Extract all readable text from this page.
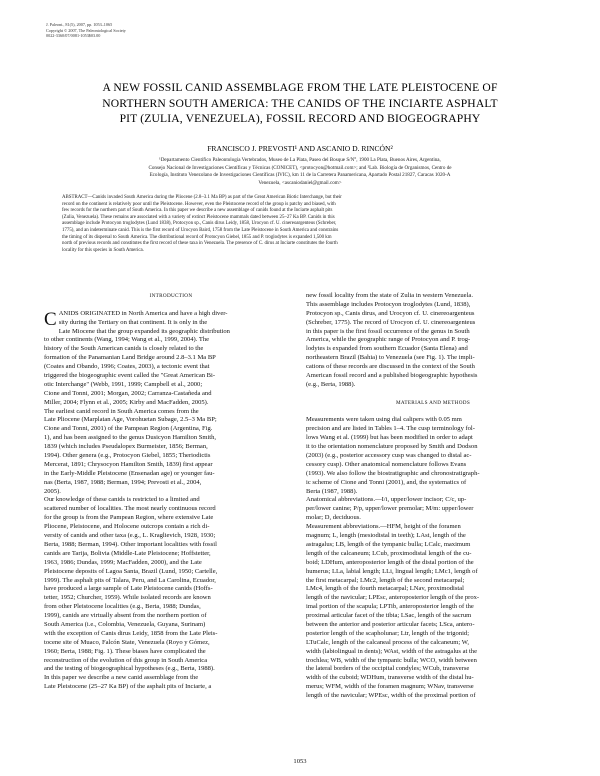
J. Paleont., 81(5), 2007, pp. 1053–1065
Copyright © 2007, The Paleontological Society
0022-3360/07/0081-1053$03.00
A NEW FOSSIL CANID ASSEMBLAGE FROM THE LATE PLEISTOCENE OF
NORTHERN SOUTH AMERICA: THE CANIDS OF THE INCIARTE ASPHALT
PIT (ZULIA, VENEZUELA), FOSSIL RECORD AND BIOGEOGRAPHY
FRANCISCO J. PREVOSTI¹ AND ASCANIO D. RINCÓN²
¹Departamento Científico Paleontología Vertebrados, Museo de La Plata, Paseo del Bosque S/N°, 1900 La Plata, Buenos Aires, Argentina,
Consejo Nacional de Investigaciones Científicas y Técnicas (CONICET), <protocyon@hotmail.com>; and ²Lab. Biología de Organismos, Centro de
Ecología, Instituto Venezolano de Investigaciones Científicas (IVIC), km 11 de la Carretera Panamericana, Apartado Postal 21827, Caracas 1020-A
Venezuela, <ascaniodaniel@gmail.com>
ABSTRACT—Canids invaded South America during the Pliocene (2.8–3.1 Ma BP) as part of the Great American Biotic Interchange, but their
record on the continent is relatively poor until the Pleistocene. However, even the Pleistocene record of the group is patchy and biased, with
few records for the northern part of South America. In this paper we describe a new assemblage of canids found at the Inciarte asphalt pits
(Zulia, Venezuela). These remains are associated with a variety of extinct Pleistocene mammals dated between 25–27 Ka BP. Canids in this
assemblage include Protocyon troglodytes (Lund 1838), Protocyon sp., Canis dirus Leidy, 1858, Urocyon cf. U. cinereoargenteus (Schreber,
1775), and an indeterminate canid. This is the first record of Urocyon Baird, 1758 from the Late Pleistocene in South America and constrains
the timing of its dispersal to South America. The distributional record of Protocyon Giebel, 1855 and P. troglodytes is expanded 1,500 km
north of previous records and constitutes the first record of these taxa in Venezuela. The presence of C. dirus at Inciarte constitutes the fourth
locality for this species in South America.
INTRODUCTION
C ANIDS ORIGINATED in North America and have a high diver-
sity during the Tertiary on that continent. It is only in the
Late Miocene that the group expanded its geographic distribution
to other continents (Wang, 1994; Wang et al., 1999, 2004). The
history of the South American canids is closely related to the
formation of the Panamanian Land Bridge around 2.8–3.1 Ma BP
(Coates and Obando, 1996; Coates, 2003), a tectonic event that
triggered the biogeographic event called the "Great American Bi-
otic Interchange" (Webb, 1991, 1999; Campbell et al., 2000;
Cione and Tonni, 2001; Morgan, 2002; Carranza-Castañeda and
Miller, 2004; Flynn et al., 2005; Kirby and MacFadden, 2005).
The earliest canid record in South America comes from the
Late Pliocene (Marplatan Age, Vorohuetan Subage, 2.5–3 Ma BP;
Cione and Tonni, 2001) of the Pampean Region (Argentina, Fig.
1), and has been assigned to the genus Dusicyon Hamilton Smith,
1839 (which includes Pseudalopex Burmeister, 1856; Berman,
1994). Other genera (e.g., Protocyon Giebel, 1855; Theriodictis
Mercerat, 1891; Chrysocyon Hamilton Smith, 1839) first appear
in the Early-Middle Pleistocene (Ensenadan age) or younger fau-
nas (Berta, 1987, 1988; Berman, 1994; Prevosti et al., 2004,
2005).
Our knowledge of these canids is restricted to a limited and
scattered number of localities. The most nearly continuous record
for the group is from the Pampean Region, where extensive Late
Pliocene, Pleistocene, and Holocene outcrops contain a rich di-
versity of canids and other taxa (e.g., L. Kraglievich, 1928, 1930;
Berta, 1988; Berman, 1994). Other important localities with fossil
canids are Tarija, Bolivia (Middle-Late Pleistocene; Hoffstetter,
1963, 1986; Dundas, 1999; MacFadden, 2000), and the Late
Pleistocene deposits of Lagoa Santa, Brazil (Lund, 1950; Cartelle,
1999). The asphalt pits of Talara, Peru, and La Carolina, Ecuador,
have produced a large sample of Late Pleistocene canids (Hoffs-
tetter, 1952; Churcher, 1959). While isolated records are known
from other Pleistocene localities (e.g., Berta, 1988; Dundas,
1999), canids are virtually absent from the northern portion of
South America (i.e., Colombia, Venezuela, Guyana, Surinam)
with the exception of Canis dirus Leidy, 1858 from the Late Pleis-
tocene site of Muaco, Falcón State, Venezuela (Royo y Gómez,
1960; Berta, 1988; Fig. 1). These biases have complicated the
reconstruction of the evolution of this group in South America
and the testing of biogeographical hypotheses (e.g., Berta, 1988).
In this paper we describe a new canid assemblage from the
Late Pleistocene (25–27 Ka BP) of the asphalt pits of Inciarte, a
new fossil locality from the state of Zulia in western Venezuela.
This assemblage includes Protocyon troglodytes (Lund, 1838),
Protocyon sp., Canis dirus, and Urocyon cf. U. cinereoargenteus
(Schreber, 1775). The record of Urocyon cf. U. cinereoargenteus
in this paper is the first fossil occurrence of the genus in South
America, while the geographic range of Protocyon and P. trog-
lodytes is expanded from southern Ecuador (Santa Elena) and
northeastern Brazil (Bahia) to Venezuela (see Fig. 1). The impli-
cations of these records are discussed in the context of the South
American fossil record and a published biogeographic hypothesis
(e.g., Berta, 1988).
MATERIALS AND METHODS
Measurements were taken using dial calipers with 0.05 mm
precision and are listed in Tables 1–4. The cusp terminology fol-
lows Wang et al. (1999) but has been modified in order to adapt
it to the orientation nomenclature proposed by Smith and Dodson
(2003) (e.g., posterior accessory cusp was changed to distal ac-
cessory cusp). Other anatomical nomenclature follows Evans
(1993). We also follow the biostratigraphic and chronostratigraph-
ic scheme of Cione and Tonni (2001), and, the systematics of
Berta (1987, 1988).
Anatomical abbreviations.—I/i, upper/lower incisor; C/c, up-
per/lower canine; P/p, upper/lower premolar; M/m: upper/lower
molar; D, deciduous.
Measurement abbreviations.—HFM, height of the foramen
magnum; L, length (mesiodistal in teeth); LAst, length of the
astragalus; LB, length of the tympanic bulla; LCalc, maximum
length of the calcaneum; LCub, proximodistal length of the cu-
boid; LDHum, anteroposterior length of the distal portion of the
humerus; LLa, labial length; LLi, lingual length; LMc1, length of
the first metacarpal; LMc2, length of the second metacarpal;
LMc4, length of the fourth metacarpal; LNav, proximodistal
length of the navicular; LPEsc, anteroposterior length of the prox-
imal portion of the scapula; LPTib, anteroposterior length of the
proximal articular facet of the tibia; LSac, length of the sacrum
between the anterior and posterior articular facets; LSca, antero-
posterior length of the scapholunar; Ltr, length of the trigonid;
LTuCalc, length of the calcaneal process of the calcaneum; W,
width (labiolingual in dents); WAst, width of the astragalus at the
trochlea; WB, width of the tympanic bulla; WCO, width between
the lateral borders of the occipital condyles; WCub, transverse
width of the cuboid; WDHum, transverse width of the distal hu-
merus; WFM, width of the foramen magnum; WNav, transverse
length of the navicular; WPEsc, width of the proximal portion of
1053
